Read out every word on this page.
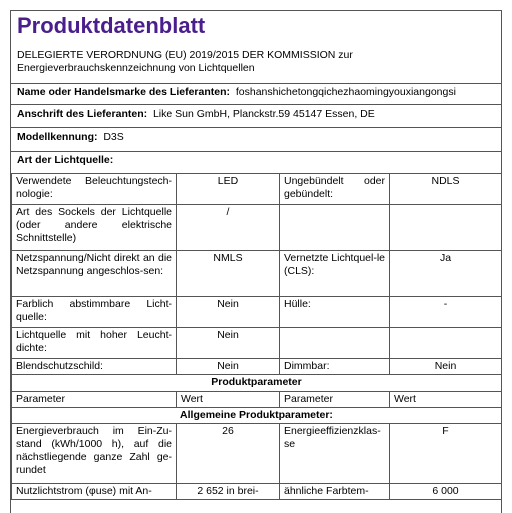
Produktdatenblatt
DELEGIERTE VERORDNUNG (EU) 2019/2015 DER KOMMISSION zur
Energieverbrauchskennzeichnung von Lichtquellen
Name oder Handelsmarke des Lieferanten: foshanshichetongqichezhaomingyouxiangongsi
Anschrift des Lieferanten: Like Sun GmbH, Planckstr.59 45147 Essen, DE
Modellkennung: D3S
Art der Lichtquelle:
Verwendete Beleuchtungstech-nologie:	LED	Ungebündelt oder gebündelt:	NDLS
Art des Sockels der Lichtquelle (oder andere elektrische Schnittstelle)	/		
Netzspannung/Nicht direkt an die Netzspannung angeschlos-sen:	NMLS	Vernetzte Lichtquel-le (CLS):	Ja
Farblich abstimmbare Licht-quelle:	Nein	Hülle:	-
Lichtquelle mit hoher Leucht-dichte:	Nein		
Blendschutzschild:	Nein	Dimmbar:	Nein
Produktparameter			
Parameter	Wert	Parameter	Wert
Allgemeine Produktparameter:			
Energieverbrauch im Ein-Zu-stand (kWh/1000 h), auf die nächstliegende ganze Zahl ge-rundet	26	Energieeffizienzklas-se	F
Nutzlichtstrom (φuse) mit An-	2 652 in brei-	ähnliche Farbtem-	6 000
